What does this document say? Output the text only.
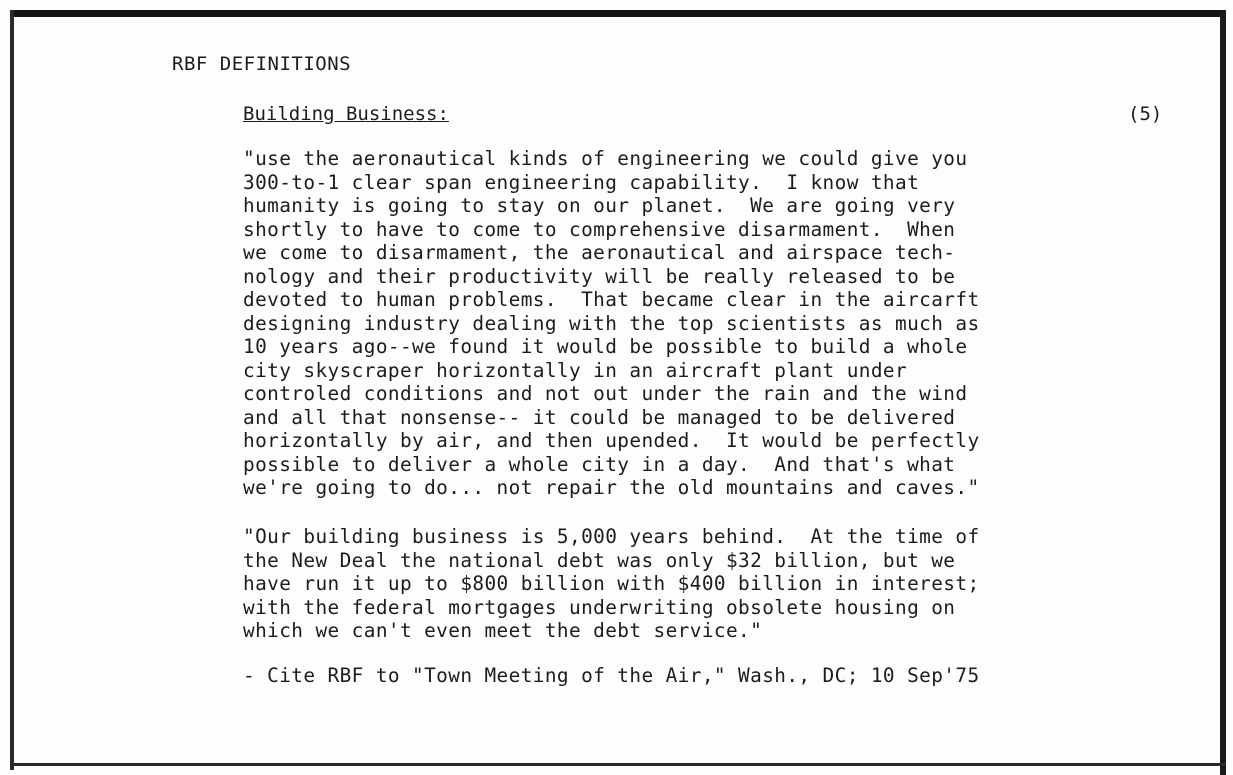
RBF DEFINITIONS
Building Business:	(5)
"use the aeronautical kinds of engineering we could give you
300-to-1 clear span engineering capability.  I know that
humanity is going to stay on our planet.  We are going very
shortly to have to come to comprehensive disarmament.  When
we come to disarmament, the aeronautical and airspace tech-
nology and their productivity will be really released to be
devoted to human problems.  That became clear in the aircarft
designing industry dealing with the top scientists as much as
10 years ago--we found it would be possible to build a whole
city skyscraper horizontally in an aircraft plant under
controled conditions and not out under the rain and the wind
and all that nonsense-- it could be managed to be delivered
horizontally by air, and then upended.  It would be perfectly
possible to deliver a whole city in a day.  And that's what
we're going to do... not repair the old mountains and caves."
"Our building business is 5,000 years behind.  At the time of
the New Deal the national debt was only $32 billion, but we
have run it up to $800 billion with $400 billion in interest;
with the federal mortgages underwriting obsolete housing on
which we can't even meet the debt service."
- Cite RBF to "Town Meeting of the Air," Wash., DC; 10 Sep'75
